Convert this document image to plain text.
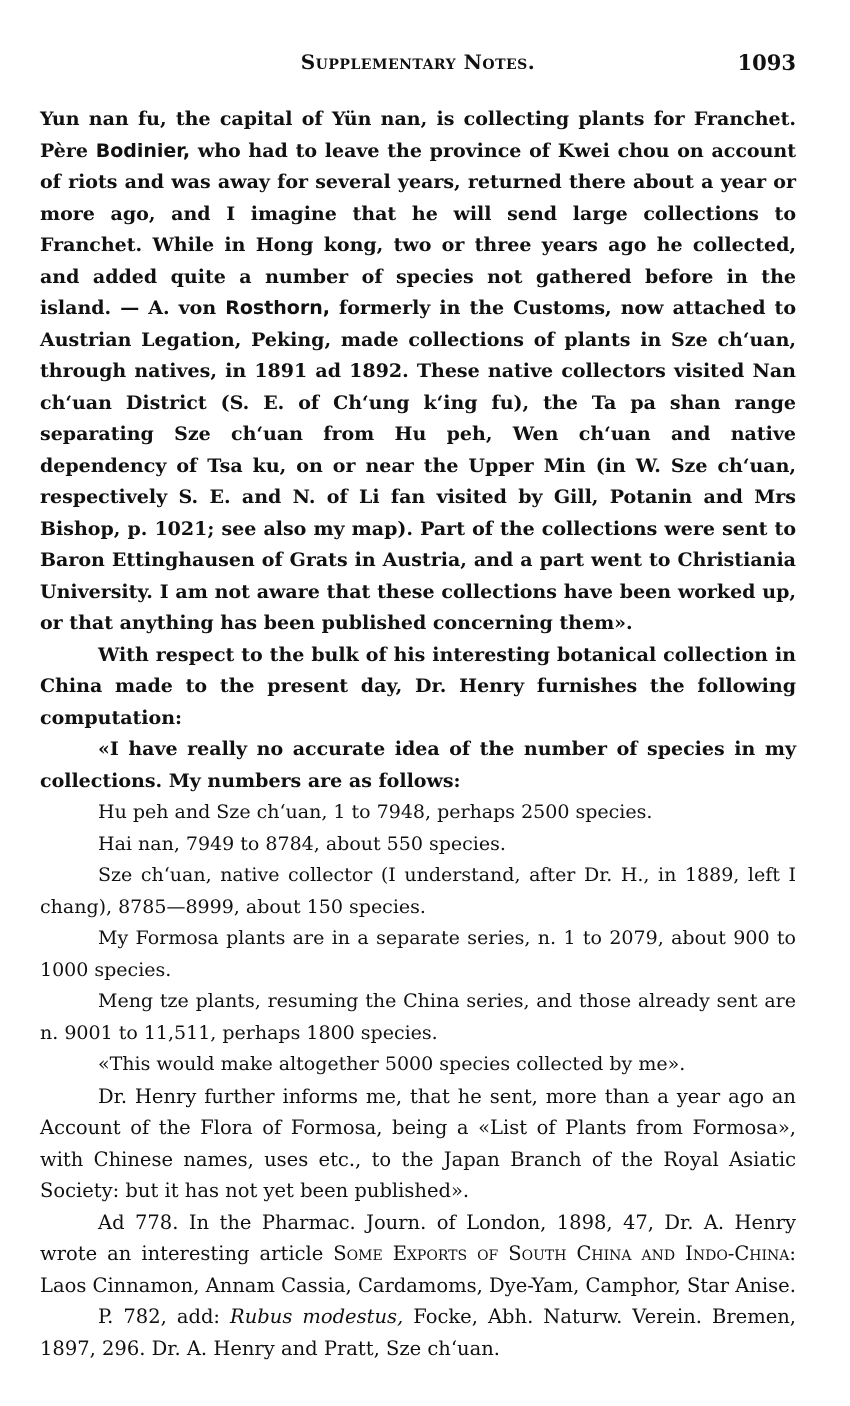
Supplementary Notes.	1093

Yun nan fu, the capital of Yün nan, is collecting plants for Franchet. Père Bodinier, who had to leave the province of Kwei chou on account of riots and was away for several years, returned there about a year or more ago, and I imagine that he will send large collections to Franchet. While in Hong kong, two or three years ago he collected, and added quite a number of species not gathered before in the island. — A. von Rosthorn, formerly in the Customs, now attached to Austrian Legation, Peking, made collections of plants in Sze chʻuan, through natives, in 1891 ad 1892. These native collectors visited Nan chʻuan District (S. E. of Chʻung kʻing fu), the Ta pa shan range separating Sze chʻuan from Hu peh, Wen chʻuan and native dependency of Tsa ku, on or near the Upper Min (in W. Sze chʻuan, respectively S. E. and N. of Li fan visited by Gill, Potanin and Mrs Bishop, p. 1021; see also my map). Part of the collections were sent to Baron Ettinghausen of Grats in Austria, and a part went to Christiania University. I am not aware that these collections have been worked up, or that anything has been published concerning them».

With respect to the bulk of his interesting botanical collection in China made to the present day, Dr. Henry furnishes the following computation:

«I have really no accurate idea of the number of species in my collections. My numbers are as follows:

Hu peh and Sze chʻuan, 1 to 7948, perhaps 2500 species.

Hai nan, 7949 to 8784, about 550 species.

Sze chʻuan, native collector (I understand, after Dr. H., in 1889, left I chang), 8785—8999, about 150 species.

My Formosa plants are in a separate series, n. 1 to 2079, about 900 to 1000 species.

Meng tze plants, resuming the China series, and those already sent are n. 9001 to 11,511, perhaps 1800 species.

«This would make altogether 5000 species collected by me».

Dr. Henry further informs me, that he sent, more than a year ago an Account of the Flora of Formosa, being a «List of Plants from Formosa», with Chinese names, uses etc., to the Japan Branch of the Royal Asiatic Society: but it has not yet been published».

Ad 778. In the Pharmac. Journ. of London, 1898, 47, Dr. A. Henry wrote an interesting article Some Exports of South China and Indo-China: Laos Cinnamon, Annam Cassia, Cardamoms, Dye-Yam, Camphor, Star Anise.

P. 782, add: Rubus modestus, Focke, Abh. Naturw. Verein. Bremen, 1897, 296. Dr. A. Henry and Pratt, Sze chʻuan.
